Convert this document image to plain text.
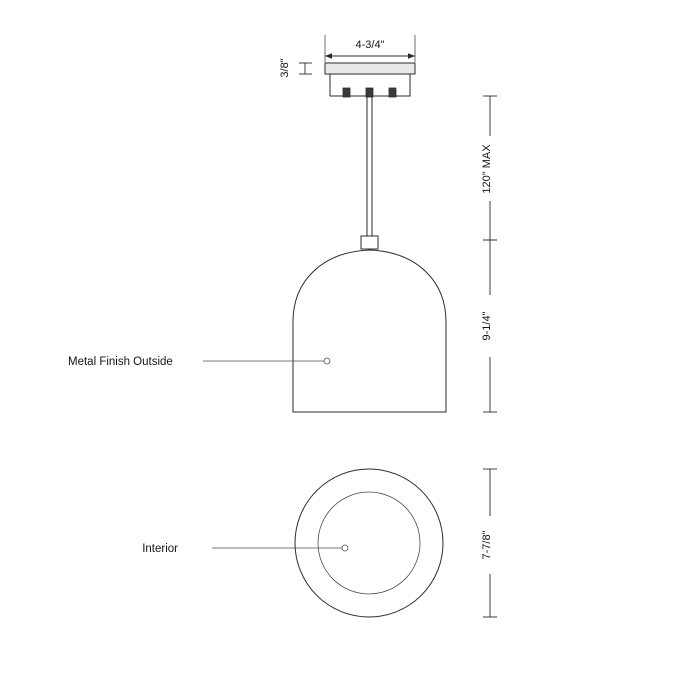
Metal Finish Outside
4-3/4"
3/8"
120" MAX
9-1/4"
Interior	7-7/8"
